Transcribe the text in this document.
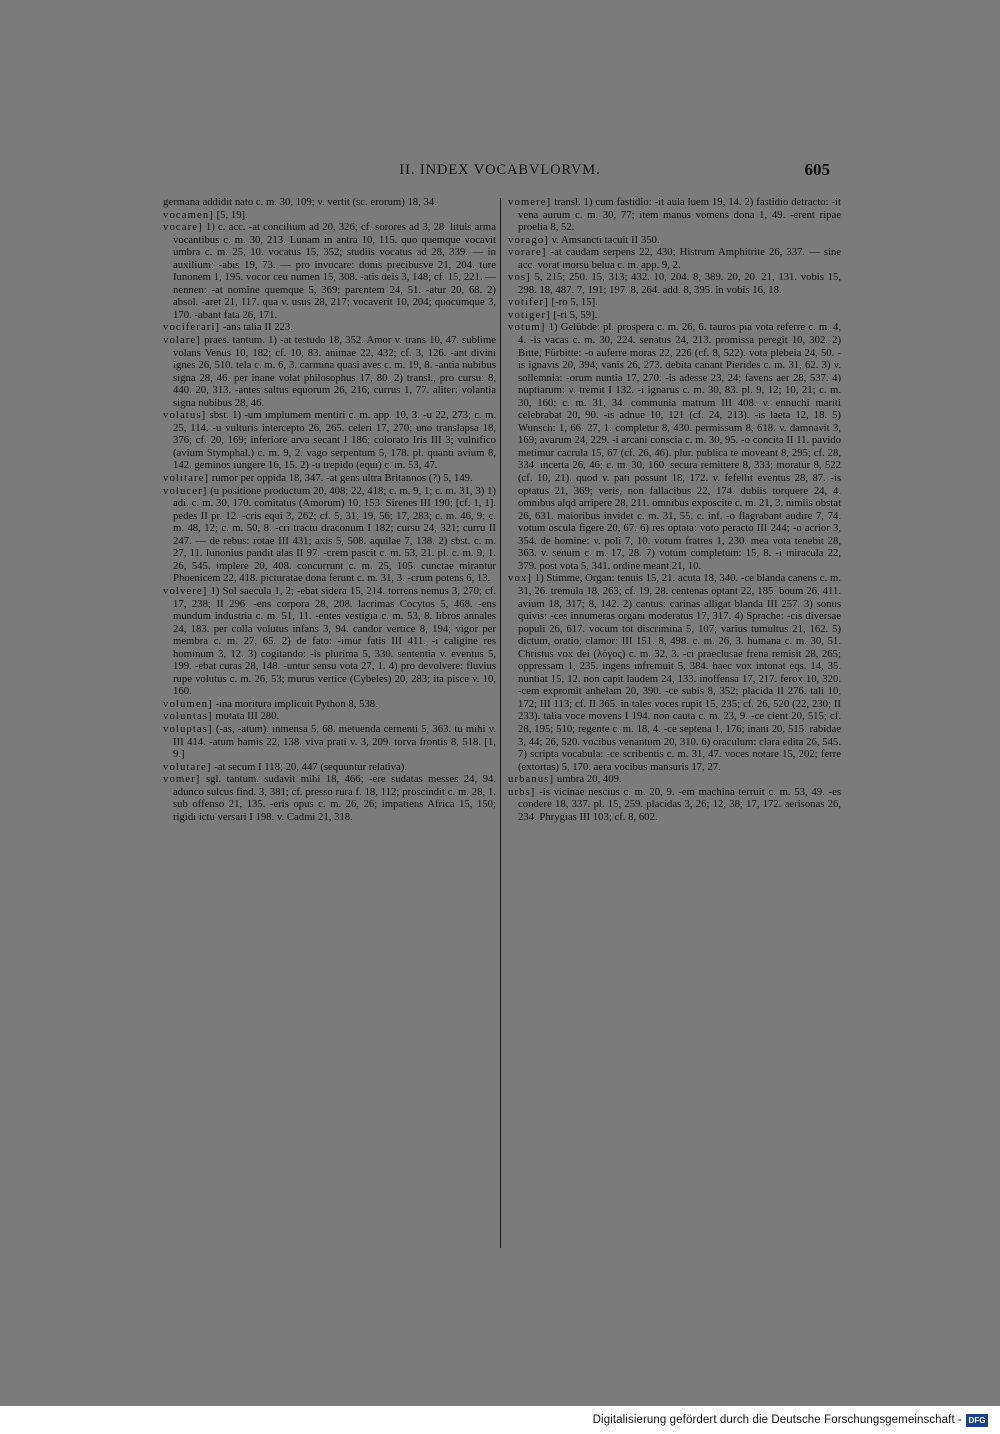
II. INDEX VOCABVLORVM.	605

germana addidit nato c. m. 30, 109; v. vertit (sc. erorum) 18, 34.

vocamen] [5, 19].

vocare] 1) c. acc. -at concilium ad 20, 326; cf. sorores ad 3, 28. lituis arma vocantibus c. m. 30, 213. Lunam in antra 10, 115. quo quemque vocavit umbra c. m. 25, 10. vocatus 15, 352; studiis vocatus ad 28, 339. — in auxilium: -abis 19, 73. — pro invocare: donis precibusve 21, 204. ture Iunonem 1, 195. vocor ceu numen 15, 308. -atis deis 3, 148; cf. 15, 221. — nennen: -at nomine quemque 5, 369; parentem 24, 51. -atur 20, 68. 2) absol. -aret 21, 117. qua v. usus 28, 217; vocaverit 10, 204; quocumque 3, 170. -abant fata 26, 171.

vociferari] -ans talia II 223.

volare] praes. tantum. 1) -at testudo 18, 352. Amor v. trans 10, 47. sublime volans Venus 10, 182; cf. 10, 83. animae 22, 432; cf. 3, 126. -ant divini ignes 26, 510. tela c. m. 6, 3. carmina quasi aves c. m. 19, 8. -antia nubibus signa 28, 46. per inane volat philosophus 17, 80. 2) transl., pro cursu: 8, 440. 20, 313. -antes saltus equorum 26, 216; currus 1, 77. aliter: volantia signa nubibus 28, 46.

volatus] sbst. 1) -um implumem mentiri c. m. app. 10, 3. -u 22, 273; c. m. 25, 114. -u vulturis intercepto 26, 265. celeri 17, 270; uno translapsa 18, 376; cf. 20, 169; inferiore arva secant I 186; colorato Iris III 3; vulnifico (avium Stymphal.) c. m. 9, 2. vago serpentum 5, 178. pl. quanti avium 8, 142. geminos iungere 16, 15. 2) -u trepido (equi) c. m. 53, 47.

volitare] rumor per oppida 18, 347. -at gens ultra Britannos (?) 5, 149.

volucer] (u positione productum 20, 408; 22, 418; c. m. 9, 1; c. m. 31, 3) 1) adi. c. m. 30, 170. comitatus (Amorum) 10, 153. Sirenes III 190; [cf. 1, 1]. pedes II pr. 12. -cris equi 3, 262; cf. 5, 31; 19, 56; 17, 283; c. m. 46, 9; c. m. 48, 12; c. m. 50, 8. -cri tractu draconum I 182; cursu 24, 321; curru II 247. — de rebus: rotae III 431; axis 5, 508. aquilae 7, 138. 2) sbst. c. m. 27, 11. Iunonius pandit alas II 97. -crem pascit c. m. 53, 21. pl. c. m. 9, 1. 26, 545. implere 20, 408. concurrunt c. m. 25, 105. cunctae mirantur Phoenicem 22, 418. picturatae dona ferunt c. m. 31, 3. -crum potens 6, 13.

volvere] 1) Sol saecula 1, 2; -ebat sidera 15, 214. torrens nemus 3, 270; cf. 17, 238; II 296. -ens corpora 28, 208. lacrimas Cocytos 5, 468. -ens mundum industria c. m. 51, 11. -entes vestigia c. m. 53, 8. libros annales 24, 183. per colla volutus infans 3, 94. candor vertice 8, 194; vigor per membra c. m. 27, 65. 2) de fato: -imur fatis III 411. -i caligine res hominum 3, 12. 3) cogitando: -is plurima 5, 330. sententia v. eventus 5, 199. -ebat curas 28, 148. -untur sensu vota 27, 1. 4) pro devolvere: fluvius rupe volutus c. m. 26, 53; murus vertice (Cybeles) 20, 283; ita pisce v. 10, 160.

volumen] -ina moritura implicuit Python 8, 538.

voluntas] mutata III 280.

voluptas] (-as, -atum). inmensa 5, 68. metuenda cernenti 5, 363. tu mihi v. III 414. -atum hamis 22, 138. viva prati v. 3, 209. torva frontis 8, 518. [1, 9.]

volutare] -at secum I 118; 20, 447 (sequuntur relativa).

vomer] sgl. tantum. sudavit mihi 18, 466; -ere sudatas messes 24, 94. adunco sulcus find. 3, 381; cf. presso rura f. 18, 112; proscindit c. m. 28, 1. sub offenso 21, 135. -eris opus c. m. 26, 26; impatiens Africa 15, 150; rigidi ictu versari I 198. v. Cadmi 21, 318.

vomere] transl. 1) cum fastidio: -it aula luem 19, 14. 2) fastidio detracto: -it vena aurum c. m. 30, 77; item manus vomens dona 1, 49. -erent ripae proelia 8, 52.

vorago] v. Amsancti tacuit II 350.

vorare] -at caudam serpens 22, 430; Histrum Amphitrite 26, 337. — sine acc. vorat morsu belua c. m. app. 9, 2.

vos] 5, 215; 250. 15, 313; 432. 10, 204. 8, 389. 20, 20. 21, 131. vobis 15, 298. 18, 487. 7, 191; 197. 8, 264. add. 8, 395. in vobis 16, 18.

votifer] [-ro 5, 15].

votiger] [-ri 5, 59].

votum] 1) Gelübde: pl. prospera c. m. 26, 6. tauros pia vota referre c. m. 4, 4. -is vacas c. m. 30, 224. senatus 24, 213. promissa peregit 10, 302. 2) Bitte, Fürbitte: -o auferre moras 22, 226 (cf. 8, 522). vota plebeia 24, 50. -is ignavis 20, 394; vanis 26, 273. debita canant Pierides c. m. 31, 62. 3) v. sollemnia: -orum nuntia 17, 270. -is adesse 23, 24; favens aer 28, 537. 4) nuptiarum: v. tremit I 132. -i ignarus c. m. 30, 83. pl. 9, 12; 10, 21; c. m. 30, 160; c. m. 31, 34. communia matrum III 408. v. ennuchi mariti celebrabat 20, 90. -is adnue 10, 121 (cf. 24, 213). -is laeta 12, 18. 5) Wunsch: 1, 66. 27, 1. completur 8, 430. permissum 8, 618. v. damnavit 3, 169; avarum 24, 229. -i arcani conscia c. m. 30, 95. -o concita II 11. pavido metimur cacrula 15, 67 (cf. 26, 46). plur. publica te moveant 8, 295; cf. 28, 334. incerta 26, 46; c. m. 30, 160. secura remittere 8, 333; moratur 8, 522 (cf. 10, 21). quod v. pati possunt 18, 172. v. fefellit eventus 28, 87. -is optatus 21, 369; veris, non fallacibus 22, 174. dubiis torquere 24, 4. omnibus alqd arripere 28, 211. omnibus exposcite c. m. 21, 3. nimiis obstat 26, 631. maioribus invidet c. m. 31, 55. c. inf. -o flagrabant audire 7, 74. votum oscula figere 20, 67. 6) res optata: voto peracto III 244; -o acrior 3, 354. de homine: v. poli 7, 10. votum fratres 1, 230. mea vota tenebit 28, 363. v. senum c. m. 17, 28. 7) votum completum: 15, 8. -i miracula 22, 379. post vota 5, 341. ordine meant 21, 10.

vox] 1) Stimme, Organ: tenuis 15, 21. acuta 18, 340. -ce blanda canens c. m. 31, 26. tremula 18, 263; cf. 19, 28. centenas optant 22, 185. boum 26, 411. avium 18, 317; 8, 142. 2) cantus: carinas alligat blanda III 257. 3) sonus quivis: -ces innumeras organi moderatus 17, 317. 4) Sprache: -cis diversae populi 26, 617. vocum tot discrimina 5, 107; varius tumultus 21, 162. 5) dictum, oratio, clamor: III 151. 8, 498. c. m. 26, 3. humana c. m. 30, 51. Christus vox dei (λόγος) c. m. 32, 3. -ci praeclusae frena remisit 28, 265; oppressam 1, 235. ingens infremuit 5, 384. haec vox intonat eqs. 14, 35. nuntiat 15, 12. non capit laudem 24, 133. inoffensa 17, 217. ferox 10, 320. -cem expromit anhelam 20, 390. -ce subis 8, 352; placida II 276. tali 10, 172; III 113; cf. II 365. in tales voces rupit 15, 235; cf. 26, 520 (22, 230; II 233). talia voce movens I 194. non cauta c. m. 23, 9. -ce cient 20, 515; cf. 28, 195; 510; regente c. m. 18, 4. -ce septena 1, 176; inani 20, 515. rabidae 3, 44; 26, 520. vocibus venantum 20, 310. 6) oraculum: clara edita 26, 545. 7) scripta vocabula: -ce scribentis c. m. 31, 47. voces notare 15, 202; ferre (extortas) 5, 170. aera vocibus mansuris 17, 27.

urbanus] umbra 20, 409.

urbs] -is vicinae nescius c. m. 20, 9. -em machina terruit c. m. 53, 49. -es condere 18, 337. pl. 15, 259. placidas 3, 26; 12, 38; 17, 172. aerisonas 26, 234. Phrygias III 103; cf. 8, 602.

Digitalisierung gefördert durch die Deutsche Forschungsgemeinschaft - DFG
